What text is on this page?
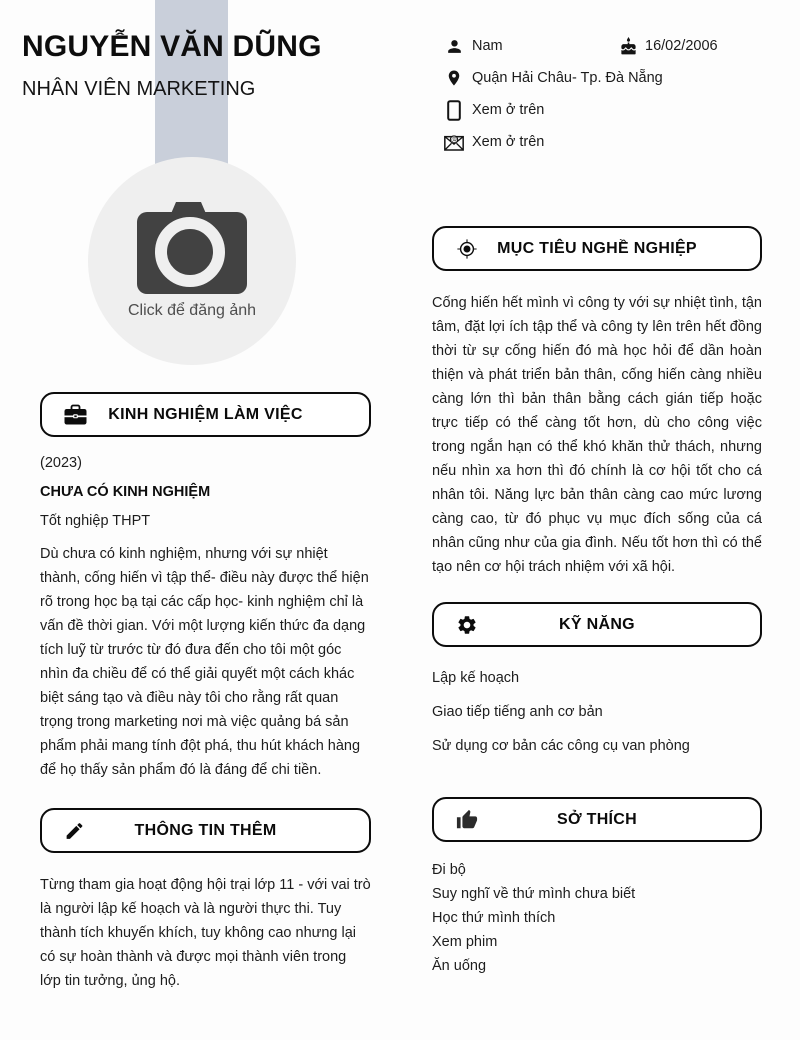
NGUYỄN VĂN DŨNG
NHÂN VIÊN MARKETING
Click để đăng ảnh
Nam	16/02/2006
Quận Hải Châu- Tp. Đà Nẵng
Xem ở trên
@ Xem ở trên
KINH NGHIỆM LÀM VIỆC
(2023)
CHƯA CÓ KINH NGHIỆM
Tốt nghiệp THPT

Dù chưa có kinh nghiệm, nhưng với sự nhiệt thành, cống hiến vì tập thể- điều này được thể hiện rõ trong học bạ tại các cấp học- kinh nghiệm chỉ là vấn đề thời gian. Với một lượng kiến thức đa dạng tích luỹ từ trước từ đó đưa đến cho tôi một góc nhìn đa chiều để có thể giải quyết một cách khác biệt sáng tạo và điều này tôi cho rằng rất quan trọng trong marketing nơi mà việc quảng bá sản phẩm phải mang tính đột phá, thu hút khách hàng để họ thấy sản phẩm đó là đáng để chi tiền.

THÔNG TIN THÊM

Từng tham gia hoạt động hội trại lớp 11 - với vai trò là người lập kế hoạch và là người thực thi. Tuy thành tích khuyến khích, tuy không cao nhưng lại có sự hoàn thành và được mọi thành viên trong lớp tin tưởng, ủng hộ.

MỤC TIÊU NGHỀ NGHIỆP

Cống hiến hết mình vì công ty với sự nhiệt tình, tận tâm, đặt lợi ích tập thể và công ty lên trên hết đồng thời từ sự cống hiến đó mà học hỏi để dần hoàn thiện và phát triển bản thân, cống hiến càng nhiều càng lớn thì bản thân bằng cách gián tiếp hoặc trực tiếp có thể càng tốt hơn, dù cho công việc trong ngắn hạn có thể khó khăn thử thách, nhưng nếu nhìn xa hơn thì đó chính là cơ hội tốt cho cá nhân tôi. Năng lực bản thân càng cao mức lương càng cao, từ đó phục vụ mục đích sống của cá nhân cũng như của gia đình. Nếu tốt hơn thì có thể tạo nên cơ hội trách nhiệm với xã hội.

KỸ NĂNG
Lập kế hoạch
Giao tiếp tiếng anh cơ bản
Sử dụng cơ bản các công cụ van phòng
SỞ THÍCH
Đi bộ
Suy nghĩ về thứ mình chưa biết
Học thứ mình thích
Xem phim
Ăn uống
